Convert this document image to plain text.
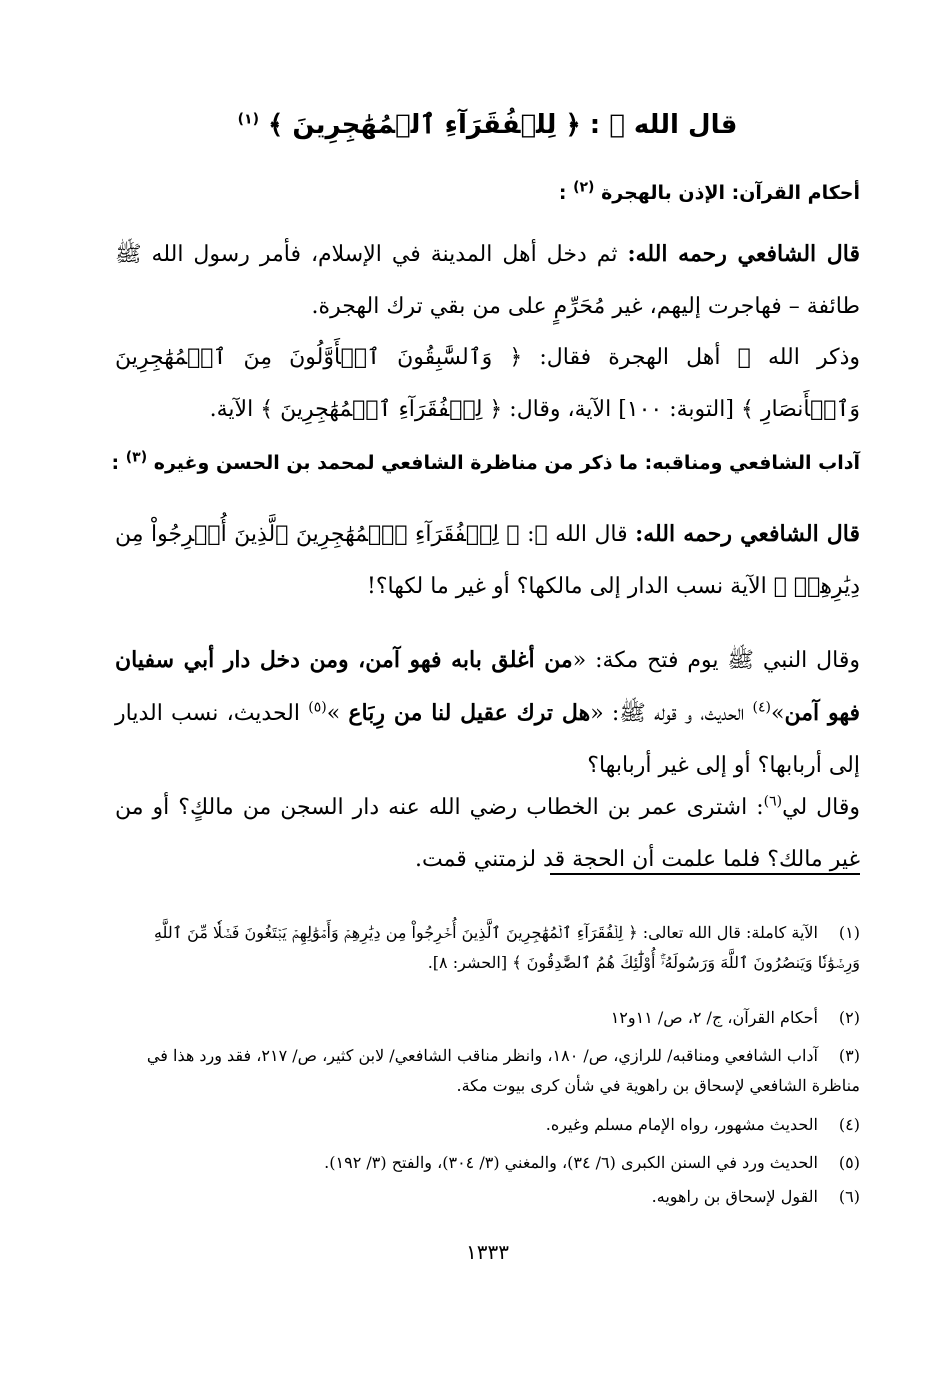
قال الله ﷻ : ﴿ لِلۡفُقَرَآءِ ٱلۡمُهَٰجِرِينَ ﴾ $^{(١)}$
أحكام القرآن: الإذن بالهجرة $^{(٢)}$ :
قال الشافعي رحمه الله: ثم دخل أهل المدينة في الإسلام، فأمر رسول الله ﷺ طائفة – فهاجرت إليهم، غير مُحَرِّمٍ على من بقي ترك الهجرة.
وذكر الله ﷻ أهل الهجرة فقال: ﴿ وَٱلسَّٰبِقُونَ ٱلۡأَوَّلُونَ مِنَ ٱلۡمُهَٰجِرِينَ وَٱلۡأَنصَارِ ﴾ [التوبة: ١٠٠] الآية، وقال: ﴿ لِلۡفُقَرَآءِ ٱلۡمُهَٰجِرِينَ ﴾ الآية.
آداب الشافعي ومناقبه: ما ذكر من مناظرة الشافعي لمحمد بن الحسن وغيره $^{(٣)}$ :
قال الشافعي رحمه الله: قال الله ﷻ: ﴿ لِلۡفُقَرَآءِ ٱلۡمُهَٰجِرِينَ ٱلَّذِينَ أُخۡرِجُواْ مِن دِيَٰرِهِمۡ ﴾ الآية نسب الدار إلى مالكها؟ أو غير ما لكها؟!
وقال النبي ﷺ يوم فتح مكة: «من أغلق بابه فهو آمن، ومن دخل دار أبي سفيان فهو آمن»$^{(٤)}$ الحديث، و قوله ﷺ: «هل ترك عقيل لنا من رِبَاع »$^{(٥)}$ الحديث، نسب الديار إلى أربابها؟ أو إلى غير أربابها؟
وقال لي$^{(٦)}$: اشترى عمر بن الخطاب رضي الله عنه دار السجن من مالكٍ؟ أو من غير مالك؟ فلما علمت أن الحجة قد لزمتني قمت.
(١)الآية كاملة: قال الله تعالى: ﴿ لِلۡفُقَرَآءِ ٱلۡمُهَٰجِرِينَ ٱلَّذِينَ أُخۡرِجُواْ مِن دِيَٰرِهِمۡ وَأَمۡوَٰلِهِمۡ يَبۡتَغُونَ فَضۡلٗا مِّنَ ٱللَّهِ وَرِضۡوَٰنٗا وَيَنصُرُونَ ٱللَّهَ وَرَسُولَهُۥٓۚ أُوْلَٰٓئِكَ هُمُ ٱلصَّٰدِقُونَ ﴾ [الحشر: ٨].
(٢)أحكام القرآن، ج/ ٢، ص/ ١١و١٢
(٣)آداب الشافعي ومناقبه/ للرازي، ص/ ١٨٠، وانظر مناقب الشافعي/ لابن كثير، ص/ ٢١٧، فقد ورد هذا في مناظرة الشافعي لإسحاق بن راهوية في شأن كرى بيوت مكة.
(٤)الحديث مشهور، رواه الإمام مسلم وغيره.
(٥)الحديث ورد في السنن الكبرى (٦/ ٣٤)، والمغني (٣/ ٣٠٤)، والفتح (٣/ ١٩٢).
(٦)القول لإسحاق بن راهويه.
١٣٣٣
